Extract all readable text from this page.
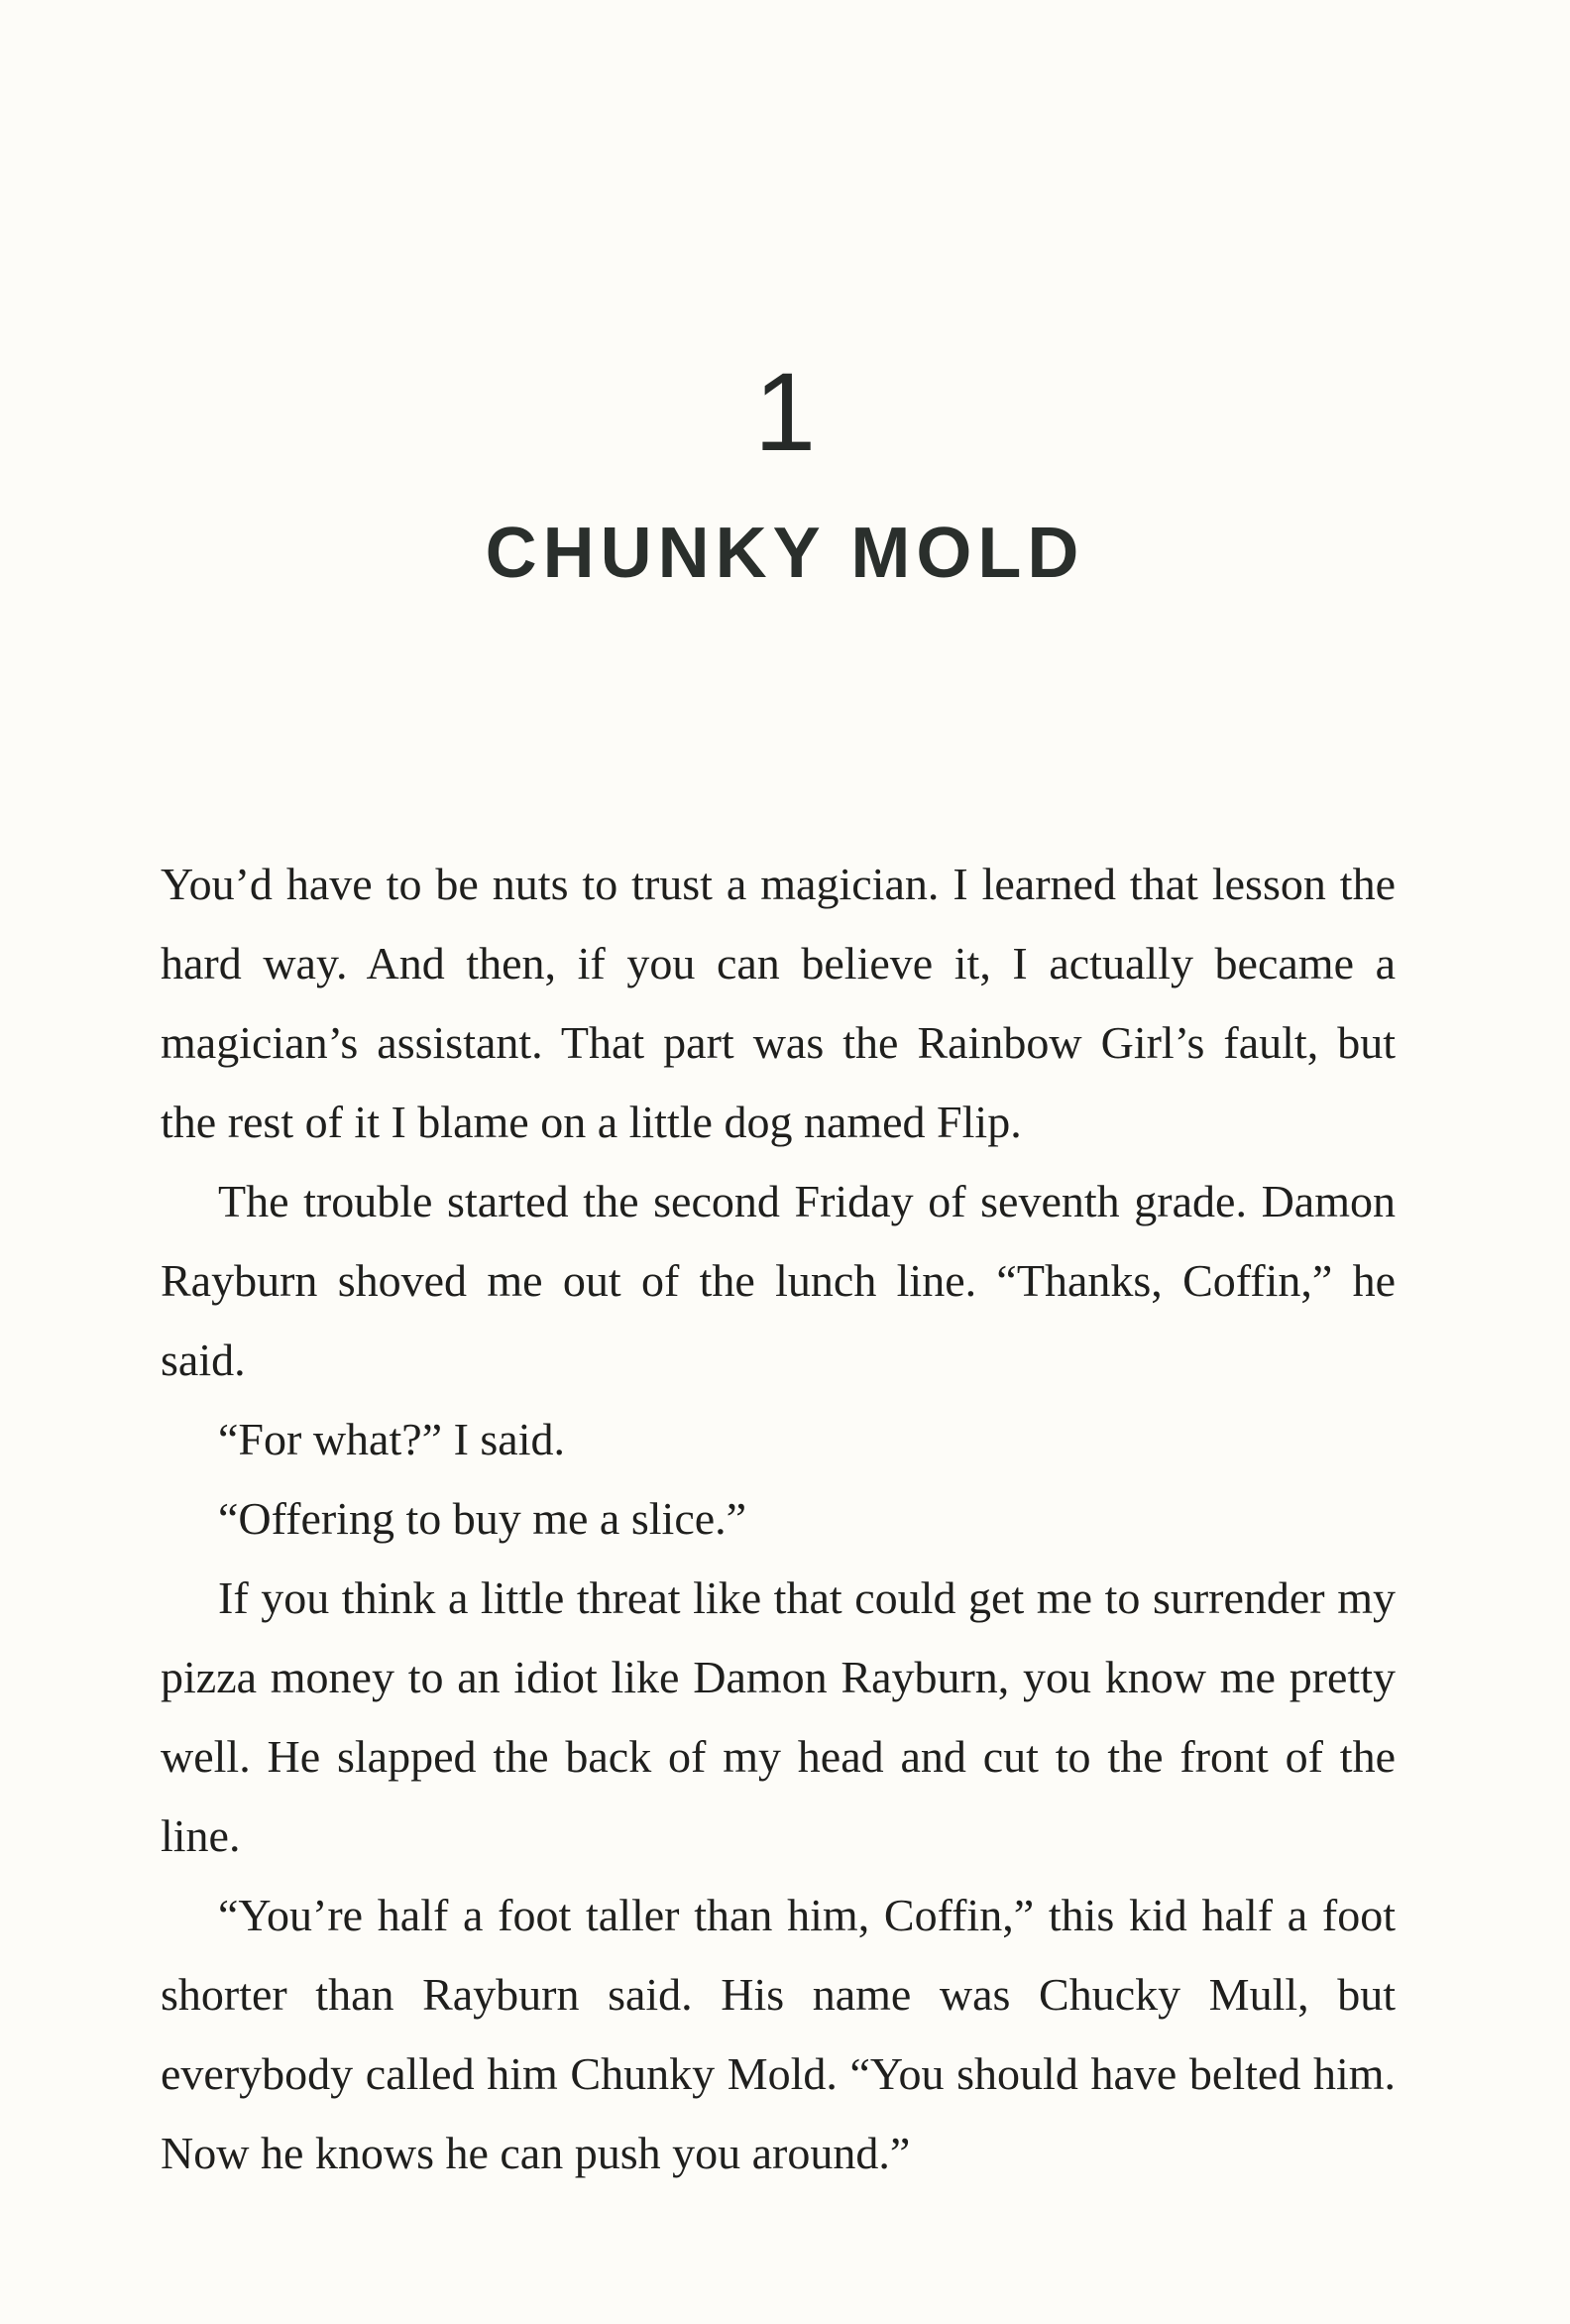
1
CHUNKY MOLD

You’d have to be nuts to trust a magician. I learned that lesson the hard way. And then, if you can believe it, I actually became a magician’s assistant. That part was the Rainbow Girl’s fault, but the rest of it I blame on a little dog named Flip.

The trouble started the second Friday of seventh grade. Damon Rayburn shoved me out of the lunch line. “Thanks, Coffin,” he said.

“For what?” I said.

“Offering to buy me a slice.”

If you think a little threat like that could get me to surrender my pizza money to an idiot like Damon Rayburn, you know me pretty well. He slapped the back of my head and cut to the front of the line.

“You’re half a foot taller than him, Coffin,” this kid half a foot shorter than Rayburn said. His name was Chucky Mull, but everybody called him Chunky Mold. “You should have belted him. Now he knows he can push you around.”
